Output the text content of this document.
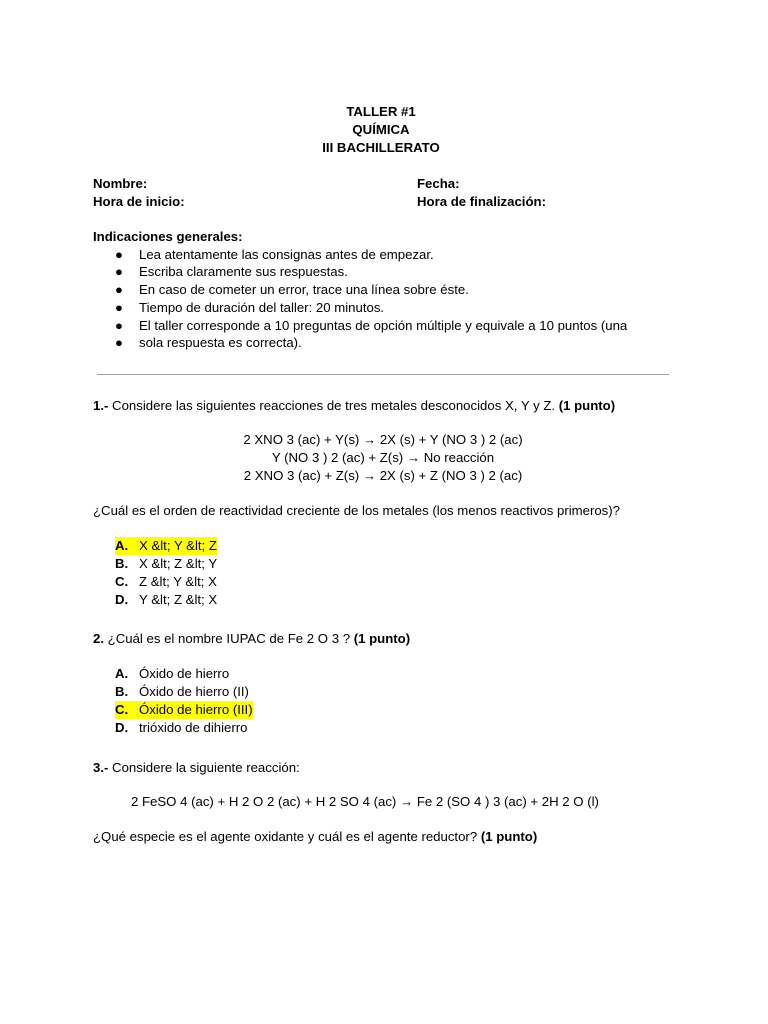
TALLER #1
QUÍMICA
III BACHILLERATO
Nombre:	Fecha:
Hora de inicio:	Hora de finalización:
Indicaciones generales:
● Lea atentamente las consignas antes de empezar.
● Escriba claramente sus respuestas.
● En caso de cometer un error, trace una línea sobre éste.
● Tiempo de duración del taller: 20 minutos.
● El taller corresponde a 10 preguntas de opción múltiple y equivale a 10 puntos (una
● sola respuesta es correcta).
1.- Considere las siguientes reacciones de tres metales desconocidos X, Y y Z. (1 punto)
2 XNO 3 (ac) + Y(s) → 2X (s) + Y (NO 3 ) 2 (ac)
Y (NO 3 ) 2 (ac) + Z(s) → No reacción
2 XNO 3 (ac) + Z(s) → 2X (s) + Z (NO 3 ) 2 (ac)
¿Cuál es el orden de reactividad creciente de los metales (los menos reactivos primeros)?
A. X &lt; Y &lt; Z
B. X &lt; Z &lt; Y
C. Z &lt; Y &lt; X
D. Y &lt; Z &lt; X
2. ¿Cuál es el nombre IUPAC de Fe 2 O 3 ? (1 punto)
A. Óxido de hierro
B. Óxido de hierro (II)
C. Óxido de hierro (III)
D. trióxido de dihierro
3.- Considere la siguiente reacción:
2 FeSO 4 (ac) + H 2 O 2 (ac) + H 2 SO 4 (ac) → Fe 2 (SO 4 ) 3 (ac) + 2H 2 O (l)
¿Qué especie es el agente oxidante y cuál es el agente reductor? (1 punto)
